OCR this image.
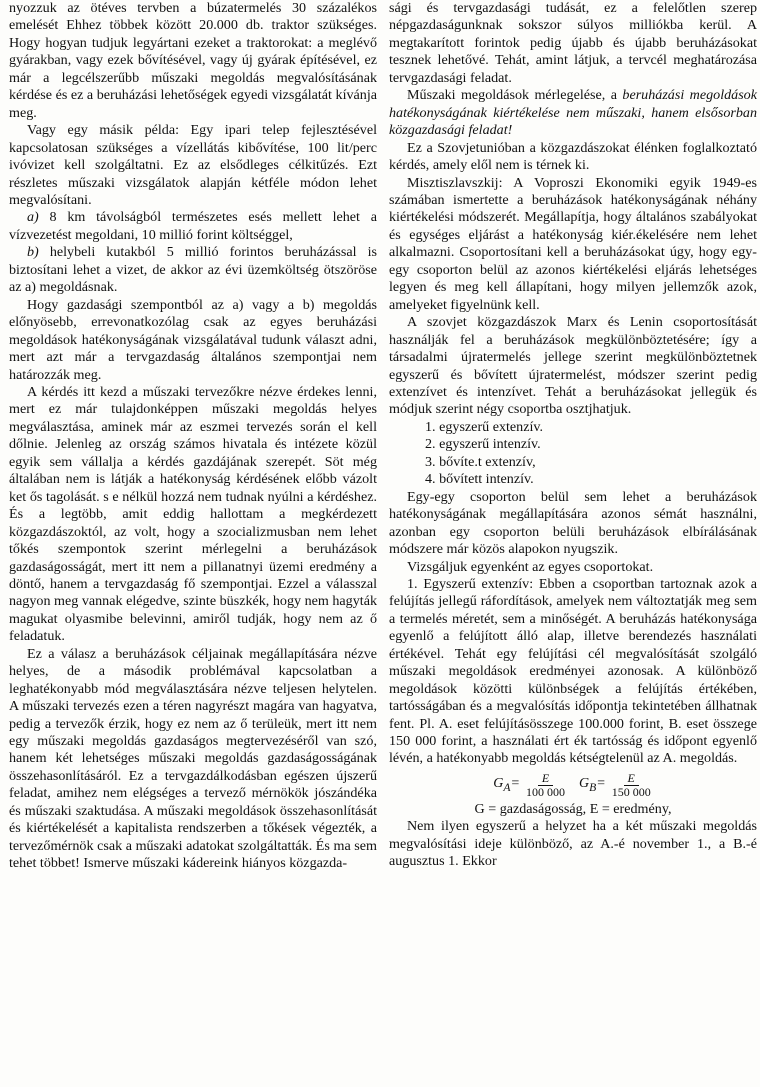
nyozzuk az ötéves tervben a búzatermelés 30 százalékos emelését Ehhez többek között 20.000 db. traktor szükséges. Hogy hogyan tudjuk legyártani ezeket a traktorokat: a meglévő gyárakban, vagy ezek bővítésével, vagy új gyárak építésével, ez már a legcélszerűbb műszaki megoldás megvalósításának kérdése és ez a beruházási lehetőségek egyedi vizsgálatát kívánja meg.

Vagy egy másik példa: Egy ipari telep fejlesztésével kapcsolatosan szükséges a vízellátás kibővítése, 100 lit/perc ivóvizet kell szolgáltatni. Ez az elsődleges célkitűzés. Ezt részletes műszaki vizsgálatok alapján kétféle módon lehet megvalósítani.

a) 8 km távolságból természetes esés mellett lehet a vízvezetést megoldani, 10 millió forint költséggel,

b) helybeli kutakból 5 millió forintos beruházással is biztosítani lehet a vizet, de akkor az évi üzemköltség ötszöröse az a) megoldásnak.

Hogy gazdasági szempontból az a) vagy a b) megoldás előnyösebb, errevonatkozólag csak az egyes beruházási megoldások hatékonyságának vizsgálatával tudunk választ adni, mert azt már a tervgazdaság általános szempontjai nem határozzák meg.

A kérdés itt kezd a műszaki tervezőkre nézve érdekes lenni, mert ez már tulajdonképpen műszaki megoldás helyes megválasztása, aminek már az eszmei tervezés során el kell dőlnie. Jelenleg az ország számos hivatala és intézete közül egyik sem vállalja a kérdés gazdájának szerepét. Söt még általában nem is látják a hatékonyság kérdésének előbb vázolt ket ős tagolását. s e nélkül hozzá nem tudnak nyúlni a kérdéshez. És a legtöbb, amit eddig hallottam a megkérdezett közgazdászoktól, az volt, hogy a szocializmusban nem lehet tőkés szempontok szerint mérlegelni a beruházások gazdaságosságát, mert itt nem a pillanatnyi üzemi eredmény a döntő, hanem a tervgazdaság fő szempontjai. Ezzel a válasszal nagyon meg vannak elégedve, szinte büszkék, hogy nem hagyták magukat olyasmibe belevinni, amiről tudják, hogy nem az ő feladatuk.

Ez a válasz a beruházások céljainak megállapítására nézve helyes, de a második problémával kapcsolatban a leghatékonyabb mód megválasztására nézve teljesen helytelen. A műszaki tervezés ezen a téren nagyrészt magára van hagyatva, pedig a tervezők érzik, hogy ez nem az ő terüleük, mert itt nem egy műszaki megoldás gazdaságos megtervezéséről van szó, hanem két lehetséges műszaki megoldás gazdaságosságának összehasonlításáról. Ez a tervgazdálkodásban egészen újszerű feladat, amihez nem elégséges a tervező mérnökök jószándéka és műszaki szaktudása. A műszaki megoldások összehasonlítását és kiértékelését a kapitalista rendszerben a tőkések végezték, a tervezőmérnök csak a műszaki adatokat szolgáltatták. És ma sem tehet többet! Ismerve műszaki kádereink hiányos közgazda-

sági és tervgazdasági tudását, ez a felelőtlen szerep népgazdaságunknak sokszor súlyos milliókba kerül. A megtakarított forintok pedig újabb és újabb beruházásokat tesznek lehetővé. Tehát, amint látjuk, a tervcél meghatározása tervgazdasági feladat.

Műszaki megoldások mérlegelése, a beruházási megoldások hatékonyságának kiértékelése nem műszaki, hanem elsősorban közgazdasági feladat!

Ez a Szovjetunióban a közgazdászokat élénken foglalkoztató kérdés, amely elől nem is térnek ki.

Misztiszlavszkij: A Voproszi Ekonomiki egyik 1949-es számában ismertette a beruházások hatékonyságának néhány kiértékelési módszerét. Megállapítja, hogy általános szabályokat és egységes eljárást a hatékonyság kiér.ékelésére nem lehet alkalmazni. Csoportosítani kell a beruházásokat úgy, hogy egy-egy csoporton belül az azonos kiértékelési eljárás lehetséges legyen és meg kell állapítani, hogy milyen jellemzők azok, amelyeket figyelnünk kell.

A szovjet közgazdászok Marx és Lenin csoportosítását használják fel a beruházások megkülönböztetésére; így a társadalmi újratermelés jellege szerint megkülönböztetnek egyszerű és bővített újratermelést, módszer szerint pedig extenzívet és intenzívet. Tehát a beruházásokat jellegük és módjuk szerint négy csoportba osztjhatjuk.

1. egyszerű extenzív.
2. egyszerű intenzív.
3. bővíte.t extenzív,
4. bővített intenzív.

Egy-egy csoporton belül sem lehet a beruházások hatékonyságának megállapítására azonos sémát használni, azonban egy csoporton belüli beruházások elbírálásának módszere már közös alapokon nyugszik.

Vizsgáljuk egyenként az egyes csoportokat.

1. Egyszerű extenzív: Ebben a csoportban tartoznak azok a felújítás jellegű ráfordítások, amelyek nem változtatják meg sem a termelés méretét, sem a minőségét. A beruházás hatékonysága egyenlő a felújított álló alap, illetve berendezés használati értékével. Tehát egy felújítási cél megvalósítását szolgáló műszaki megoldások eredményei azonosak. A különböző megoldások közötti különbségek a felújítás értékében, tartósságában és a megvalósítás időpontja tekintetében állhatnak fent. Pl. A. eset felújításösszege 100.000 forint, B. eset összege 150 000 forint, a használati ért ék tartósság és időpont egyenlő lévén, a hatékonyabb megoldás kétségtelenül az A. megoldás.

$G_A= \frac{E}{100 000} G_B= \frac{E}{150 000}$

G = gazdaságosság, E = eredmény,

Nem ilyen egyszerű a helyzet ha a két műszaki megoldás megvalósítási ideje különböző, az A.-é november 1., a B.-é augusztus 1. Ekkor
